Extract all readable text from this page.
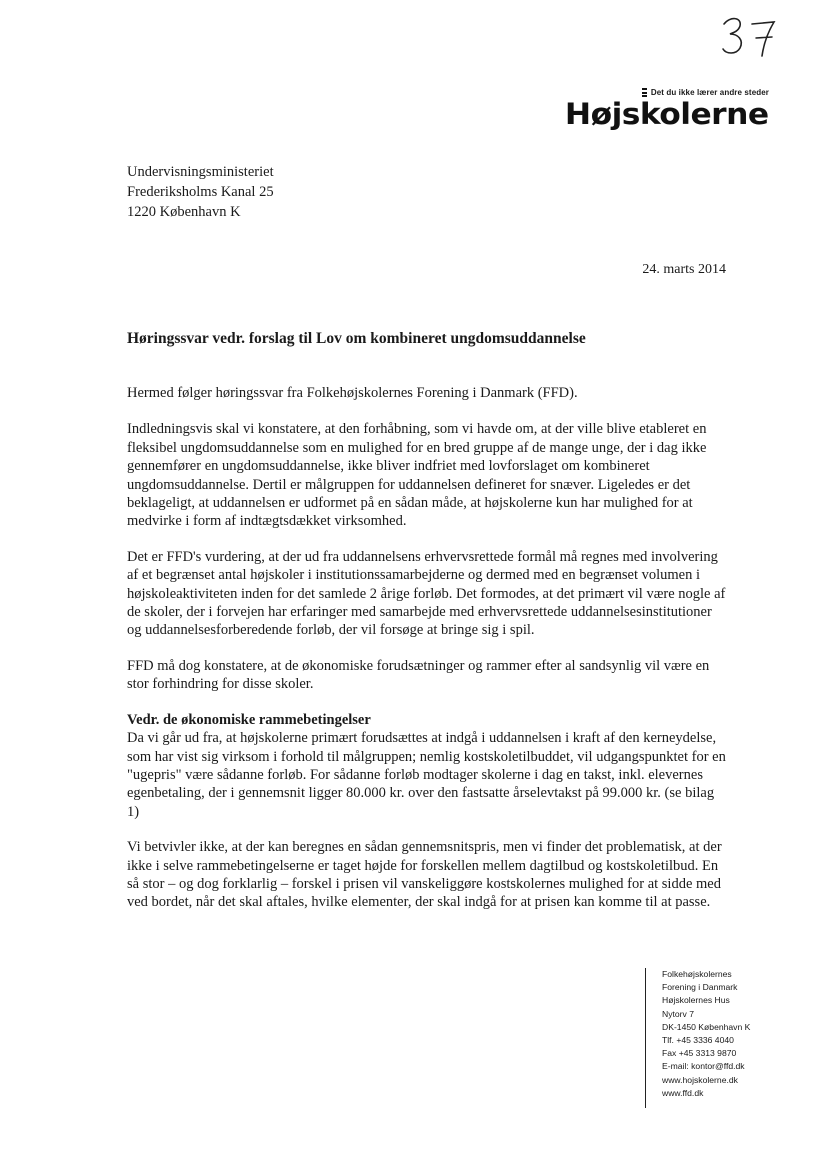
Det du ikke lærer andre steder
Højskolerne
Undervisningsministeriet
Frederiksholms Kanal 25
1220 København K
24. marts 2014
Høringssvar vedr. forslag til Lov om kombineret ungdomsuddannelse

Hermed følger høringssvar fra Folkehøjskolernes Forening i Danmark (FFD).

Indledningsvis skal vi konstatere, at den forhåbning, som vi havde om, at der ville blive etableret en fleksibel ungdomsuddannelse som en mulighed for en bred gruppe af de mange unge, der i dag ikke gennemfører en ungdomsuddannelse, ikke bliver indfriet med lovforslaget om kombineret ungdomsuddannelse. Dertil er målgruppen for uddannelsen defineret for snæver. Ligeledes er det beklageligt, at uddannelsen er udformet på en sådan måde, at højskolerne kun har mulighed for at medvirke i form af indtægtsdækket virksomhed.

Det er FFD's vurdering, at der ud fra uddannelsens erhvervsrettede formål må regnes med involvering af et begrænset antal højskoler i institutionssamarbejderne og dermed med en begrænset volumen i højskoleaktiviteten inden for det samlede 2 årige forløb. Det formodes, at det primært vil være nogle af de skoler, der i forvejen har erfaringer med samarbejde med erhvervsrettede uddannelsesinstitutioner og uddannelsesforberedende forløb, der vil forsøge at bringe sig i spil.

FFD må dog konstatere, at de økonomiske forudsætninger og rammer efter al sandsynlig vil være en stor forhindring for disse skoler.

Vedr. de økonomiske rammebetingelser

Da vi går ud fra, at højskolerne primært forudsættes at indgå i uddannelsen i kraft af den kerneydelse, som har vist sig virksom i forhold til målgruppen; nemlig kostskoletilbuddet, vil udgangspunktet for en "ugepris" være sådanne forløb. For sådanne forløb modtager skolerne i dag en takst, inkl. elevernes egenbetaling, der i gennemsnit ligger 80.000 kr. over den fastsatte årselevtakst på 99.000 kr. (se bilag 1)

Vi betvivler ikke, at der kan beregnes en sådan gennemsnitspris, men vi finder det problematisk, at der ikke i selve rammebetingelserne er taget højde for forskellen mellem dagtilbud og kostskoletilbud. En så stor – og dog forklarlig – forskel i prisen vil vanskeliggøre kostskolernes mulighed for at sidde med ved bordet, når det skal aftales, hvilke elementer, der skal indgå for at prisen kan komme til at passe.

Folkehøjskolernes
Forening i Danmark
Højskolernes Hus
Nytorv 7
DK-1450 København K
Tlf. +45 3336 4040
Fax +45 3313 9870
E-mail: kontor@ffd.dk
www.hojskolerne.dk
www.ffd.dk
